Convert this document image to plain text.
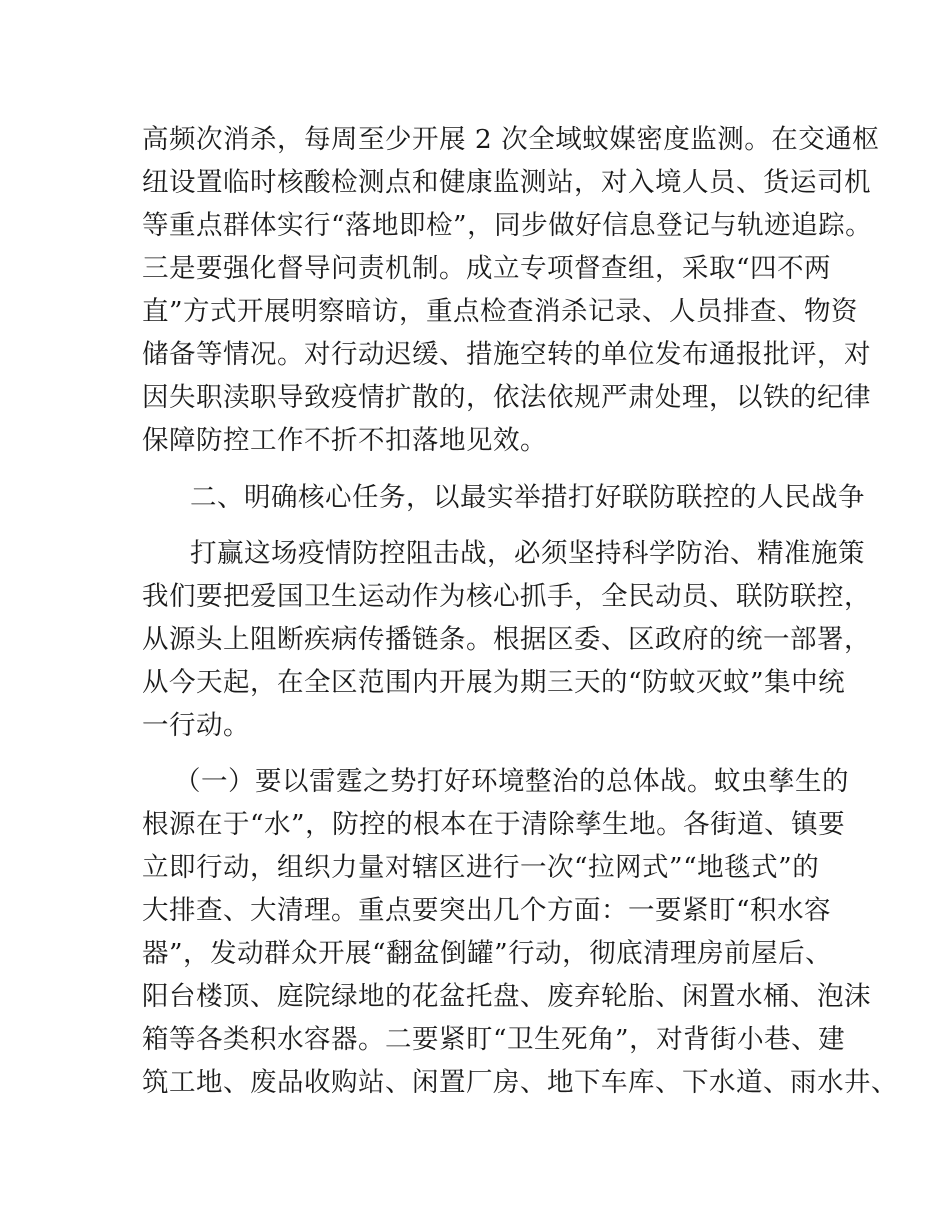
高频次消杀，每周至少开展 2 次全域蚊媒密度监测。在交通枢
纽设置临时核酸检测点和健康监测站，对入境人员、货运司机
等重点群体实行“落地即检”，同步做好信息登记与轨迹追踪。
三是要强化督导问责机制。成立专项督查组，采取“四不两
直”方式开展明察暗访，重点检查消杀记录、人员排查、物资
储备等情况。对行动迟缓、措施空转的单位发布通报批评，对
因失职渎职导致疫情扩散的，依法依规严肃处理，以铁的纪律
保障防控工作不折不扣落地见效。
二、明确核心任务，以最实举措打好联防联控的人民战争
打赢这场疫情防控阻击战，必须坚持科学防治、精准施策
我们要把爱国卫生运动作为核心抓手，全民动员、联防联控，
从源头上阻断疾病传播链条。根据区委、区政府的统一部署，
从今天起，在全区范围内开展为期三天的“防蚊灭蚊”集中统
一行动。
（一）要以雷霆之势打好环境整治的总体战。蚊虫孳生的
根源在于“水”，防控的根本在于清除孳生地。各街道、镇要
立即行动，组织力量对辖区进行一次“拉网式”“地毯式”的
大排查、大清理。重点要突出几个方面：一要紧盯“积水容
器”，发动群众开展“翻盆倒罐”行动，彻底清理房前屋后、
阳台楼顶、庭院绿地的花盆托盘、废弃轮胎、闲置水桶、泡沫
箱等各类积水容器。二要紧盯“卫生死角”，对背街小巷、建
筑工地、废品收购站、闲置厂房、地下车库、下水道、雨水井、
